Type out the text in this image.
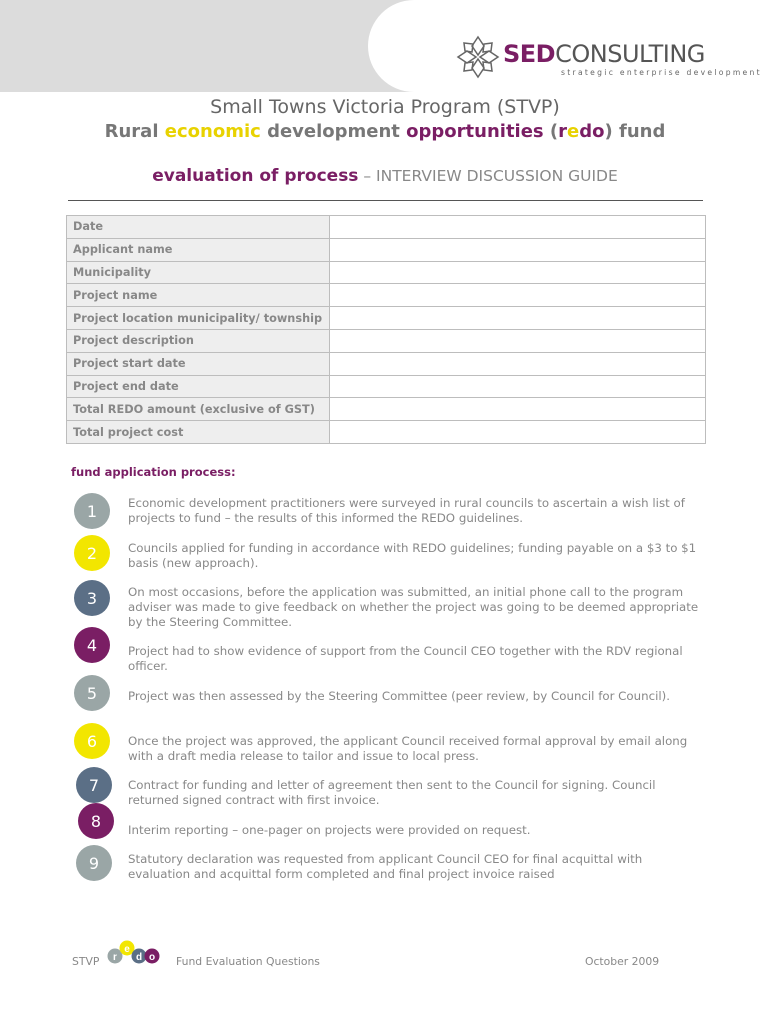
SEDCONSULTING
strategic enterprise development
Small Towns Victoria Program (STVP)
Rural economic development opportunities (redo) fund
evaluation of process – INTERVIEW DISCUSSION GUIDE
Date	
Applicant name	
Municipality	
Project name	
Project location municipality/ township	
Project description	
Project start date	
Project end date	
Total REDO amount (exclusive of GST)	
Total project cost	
fund application process:
1	Economic development practitioners were surveyed in rural councils to ascertain a wish list of projects to fund – the results of this informed the REDO guidelines.
2	Councils applied for funding in accordance with REDO guidelines; funding payable on a $3 to $1 basis (new approach).
3	On most occasions, before the application was submitted, an initial phone call to the program adviser was made to give feedback on whether the project was going to be deemed appropriate by the Steering Committee.
4	Project had to show evidence of support from the Council CEO together with the RDV regional officer.
5	Project was then assessed by the Steering Committee (peer review, by Council for Council).
6	Once the project was approved, the applicant Council received formal approval by email along with a draft media release to tailor and issue to local press.
7	Contract for funding and letter of agreement then sent to the Council for signing. Council returned signed contract with first invoice.
8	Interim reporting – one-pager on projects were provided on request.
9	Statutory declaration was requested from applicant Council CEO for final acquittal with evaluation and acquittal form completed and final project invoice raised
STVP r
e
d o Fund Evaluation Questions	October 2009
